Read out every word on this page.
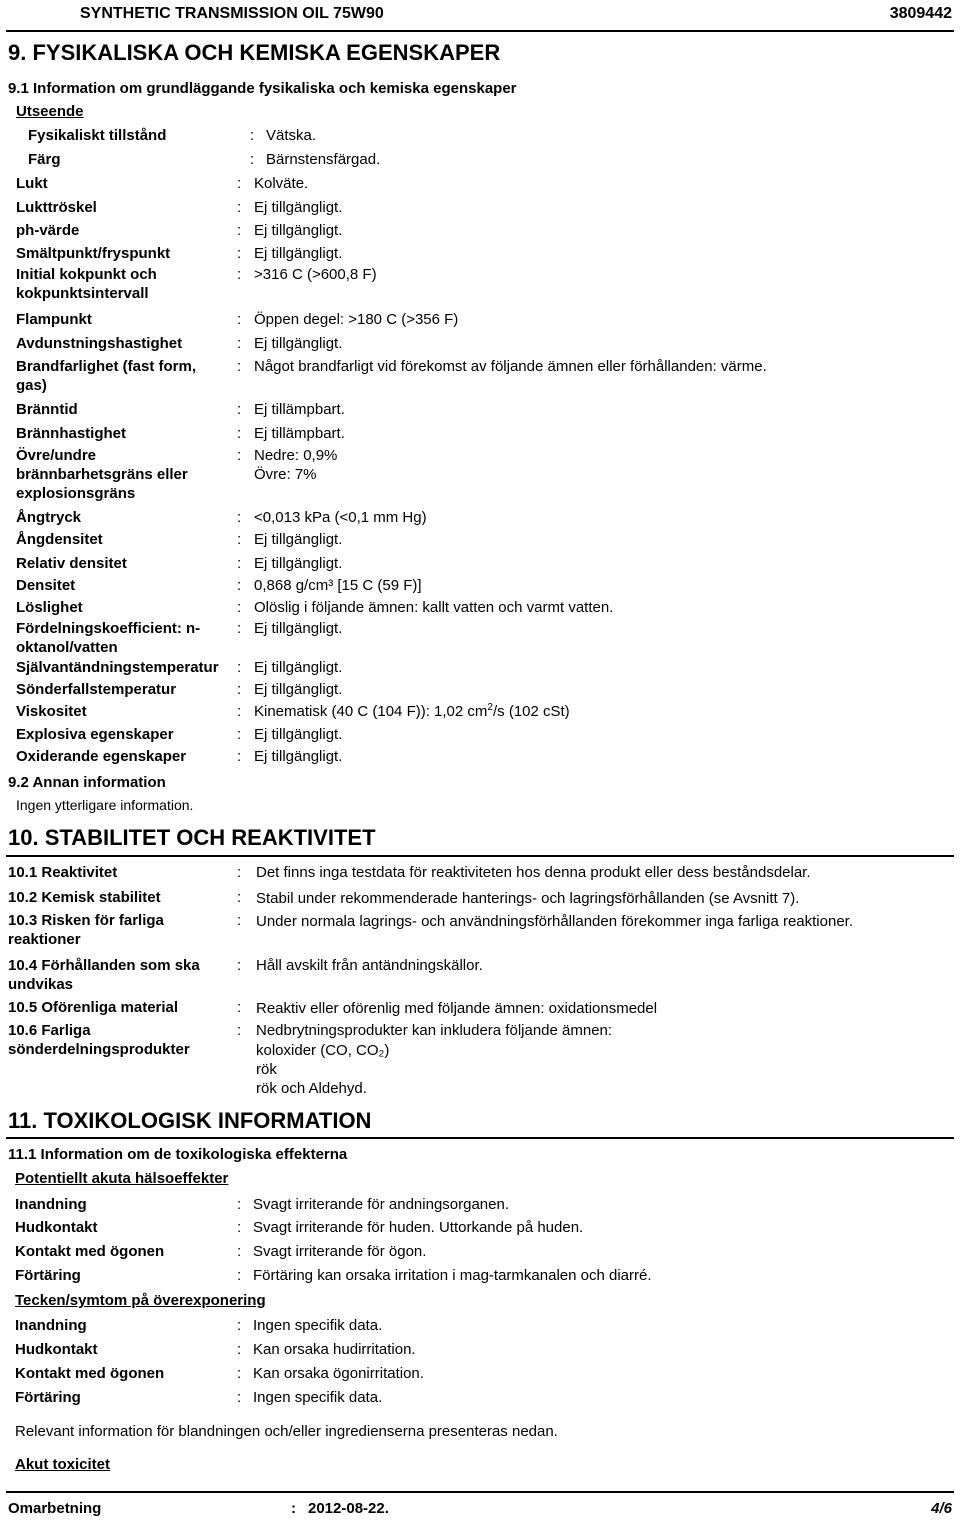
SYNTHETIC TRANSMISSION OIL 75W90	3809442
9. FYSIKALISKA OCH KEMISKA EGENSKAPER
9.1 Information om grundläggande fysikaliska och kemiska egenskaper
Utseende
Fysikaliskt tillstånd	: Vätska.
Färg	: Bärnstensfärgad.
Lukt	: Kolväte.
Lukttröskel	: Ej tillgängligt.
ph-värde	: Ej tillgängligt.
Smältpunkt/fryspunkt	: Ej tillgängligt.
Initial kokpunkt och
kokpunktsintervall
: >316 C (>600,8 F)
Flampunkt	: Öppen degel: >180 C (>356 F)
Avdunstningshastighet	: Ej tillgängligt.
Brandfarlighet (fast form,
gas)
: Något brandfarligt vid förekomst av följande ämnen eller förhållanden: värme.
Bränntid	: Ej tillämpbart.
Brännhastighet	: Ej tillämpbart.
Övre/undre
brännbarhetsgräns eller
explosionsgräns
: Nedre: 0,9%
Övre: 7%
Ångtryck	: <0,013 kPa (<0,1 mm Hg)
Ångdensitet	: Ej tillgängligt.
Relativ densitet	: Ej tillgängligt.
Densitet	: 0,868 g/cm³ [15 C (59 F)]
Löslighet	: Olöslig i följande ämnen: kallt vatten och varmt vatten.
Fördelningskoefficient: n-
oktanol/vatten
: Ej tillgängligt.
Självantändningstemperatur : Ej tillgängligt.
Sönderfallstemperatur	: Ej tillgängligt.
Viskositet	: Kinematisk (40 C (104 F)): 1,02 $cm^2/s$ (102 cSt)
Explosiva egenskaper	: Ej tillgängligt.
Oxiderande egenskaper	: Ej tillgängligt.
9.2 Annan information
Ingen ytterligare information.
10. STABILITET OCH REAKTIVITET
10.1 Reaktivitet	: Det finns inga testdata för reaktiviteten hos denna produkt eller dess beståndsdelar.
10.2 Kemisk stabilitet	: Stabil under rekommenderade hanterings- och lagringsförhållanden (se Avsnitt 7).
10.3 Risken för farliga
reaktioner
: Under normala lagrings- och användningsförhållanden förekommer inga farliga reaktioner.
10.4 Förhållanden som ska
undvikas
: Håll avskilt från antändningskällor.
10.5 Oförenliga material	: Reaktiv eller oförenlig med följande ämnen: oxidationsmedel
10.6 Farliga
sönderdelningsprodukter
: Nedbrytningsprodukter kan inkludera följande ämnen:
koloxider (CO, CO₂)
rök
rök och Aldehyd.
11. TOXIKOLOGISK INFORMATION
11.1 Information om de toxikologiska effekterna
Potentiellt akuta hälsoeffekter
Inandning	: Svagt irriterande för andningsorganen.
Hudkontakt	: Svagt irriterande för huden. Uttorkande på huden.
Kontakt med ögonen	: Svagt irriterande för ögon.
Förtäring	: Förtäring kan orsaka irritation i mag-tarmkanalen och diarré.
Tecken/symtom på överexponering
Inandning	: Ingen specifik data.
Hudkontakt	: Kan orsaka hudirritation.
Kontakt med ögonen	: Kan orsaka ögonirritation.
Förtäring	: Ingen specifik data.
Relevant information för blandningen och/eller ingredienserna presenteras nedan.
Akut toxicitet
Omarbetning	: 2012-08-22.	4/6
